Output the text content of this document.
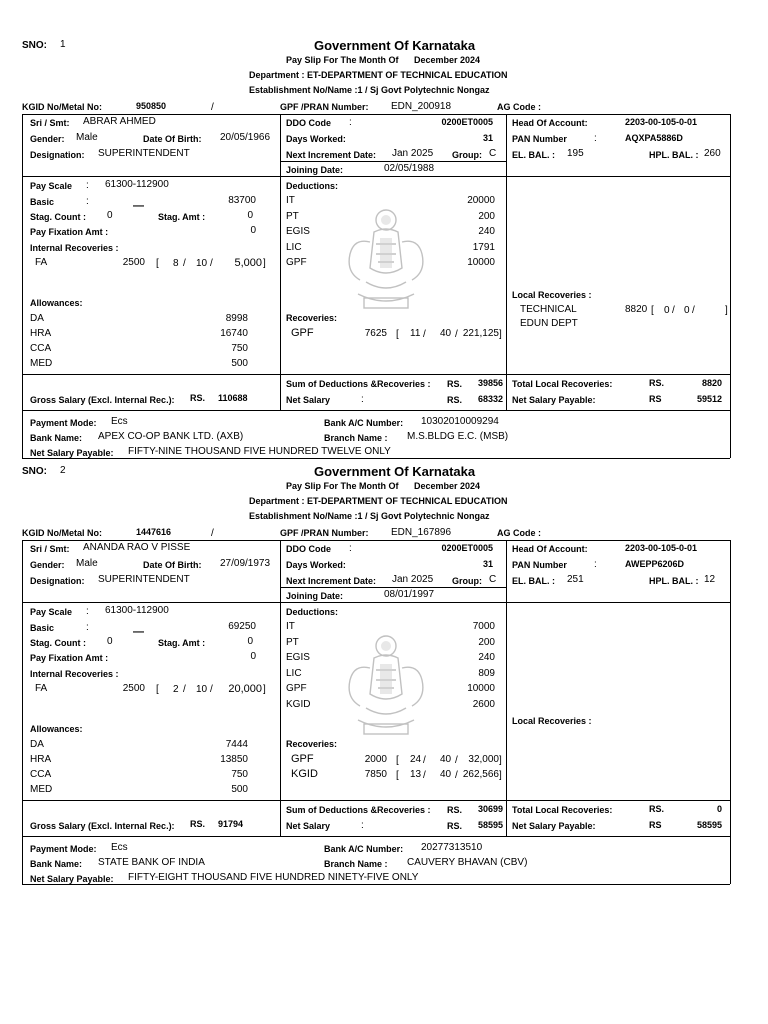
SNO: 1	Government Of Karnataka
Pay Slip For The Month Of December 2024
Department : ET-DEPARTMENT OF TECHNICAL EDUCATION
Establishment No/Name :1 / Sj Govt Polytechnic Nongaz
KGID No/Metal No:	950850	/	GPF /PRAN Number: EDN_200918	AG Code :
Sri / Smt: ABRAR AHMED
Gender: Male	Date Of Birth: 20/05/1966
Designation: SUPERINTENDENT
DDO Code :	0200ET0005
Days Worked:	31
Next Increment Date: Jan 2025 Group: C
Joining Date:	02/05/1988
Head Of Account:	2203-00-105-0-01
PAN Number	:	AQXPA5886D
EL. BAL. : 195	HPL. BAL. : 260
Pay Scale : 61300-112900
Basic	:	83700
—
Stag. Count : 0	Stag. Amt :	0
Pay Fixation Amt :	0
Internal Recoveries :
FA	2500 [ 8 / 10 /	5,000 ]
Allowances:
DA	8998
HRA	16740
CCA	750
MED	500
Deductions:
IT	20000
PT	200
EGIS	240
LIC	1791
GPF	10000
Recoveries:
GPF	7625 [ 11 / 40 / 221,125 ]
Local Recoveries :
TECHNICAL
EDUN DEPT
8820 [ 0 / 0 /	]
Sum of Deductions &Recoveries : RS.	39856
Net Salary	:	RS.	68332
Total Local Recoveries:	RS.	8820
Net Salary Payable:	RS	59512
Gross Salary (Excl. Internal Rec.): RS. 110688
Payment Mode: Ecs	Bank A/C Number: 10302010009294
Bank Name: APEX CO-OP BANK LTD. (AXB)	Branch Name : M.S.BLDG E.C. (MSB)
Net Salary Payable: FIFTY-NINE THOUSAND FIVE HUNDRED TWELVE ONLY
SNO: 2	Government Of Karnataka
Pay Slip For The Month Of December 2024
Department : ET-DEPARTMENT OF TECHNICAL EDUCATION
Establishment No/Name :1 / Sj Govt Polytechnic Nongaz
KGID No/Metal No:	1447616	/	GPF /PRAN Number: EDN_167896	AG Code :
Sri / Smt: ANANDA RAO V PISSE
Gender: Male	Date Of Birth: 27/09/1973
Designation: SUPERINTENDENT
DDO Code :	0200ET0005
Days Worked:	31
Next Increment Date: Jan 2025 Group: C
Joining Date:	08/01/1997
Head Of Account:	2203-00-105-0-01
PAN Number	:	AWEPP6206D
EL. BAL. : 251	HPL. BAL. : 12
Pay Scale : 61300-112900
Basic	:	69250
—
Stag. Count : 0	Stag. Amt :	0
Pay Fixation Amt :	0
Internal Recoveries :
FA	2500 [ 2 / 10 /	20,000 ]
Allowances:
DA	7444
HRA	13850
CCA	750
MED	500
Deductions:
IT	7000
PT	200
EGIS	240
LIC	809
GPF	10000
KGID	2600
Recoveries:
GPF	2000 [ 24 / 40 /	32,000 ]
KGID	7850 [ 13 / 40 / 262,566 ]
Local Recoveries :
Sum of Deductions &Recoveries : RS.	30699
Net Salary	:	RS.	58595
Total Local Recoveries:	RS.	0
Net Salary Payable:	RS	58595
Gross Salary (Excl. Internal Rec.): RS. 91794
Payment Mode: Ecs	Bank A/C Number: 20277313510
Bank Name: STATE BANK OF INDIA	Branch Name : CAUVERY BHAVAN (CBV)
Net Salary Payable: FIFTY-EIGHT THOUSAND FIVE HUNDRED NINETY-FIVE ONLY
